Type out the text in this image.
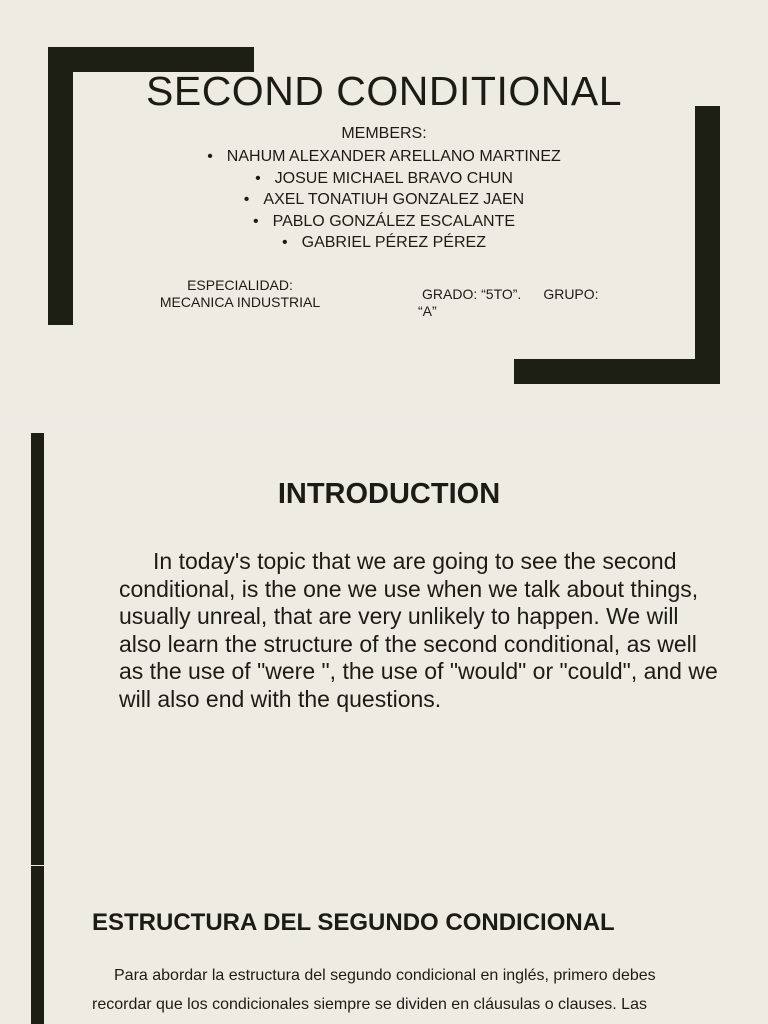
SECOND CONDITIONAL
MEMBERS:
• NAHUM ALEXANDER ARELLANO MARTINEZ
• JOSUE MICHAEL BRAVO CHUN
• AXEL TONATIUH GONZALEZ JAEN
• PABLO GONZÁLEZ ESCALANTE
• GABRIEL PÉREZ PÉREZ
ESPECIALIDAD:
MECANICA INDUSTRIAL	GRADO: “5TO”. GRUPO:
“A”
INTRODUCTION
In today's topic that we are going to see the second conditional, is the one we use when we talk about things, usually unreal, that are very unlikely to happen. We will also learn the structure of the second conditional, as well as the use of "were ", the use of "would" or "could", and we will also end with the questions.
ESTRUCTURA DEL SEGUNDO CONDICIONAL
Para abordar la estructura del segundo condicional en inglés, primero debes recordar que los condicionales siempre se dividen en cláusulas o clauses. Las
